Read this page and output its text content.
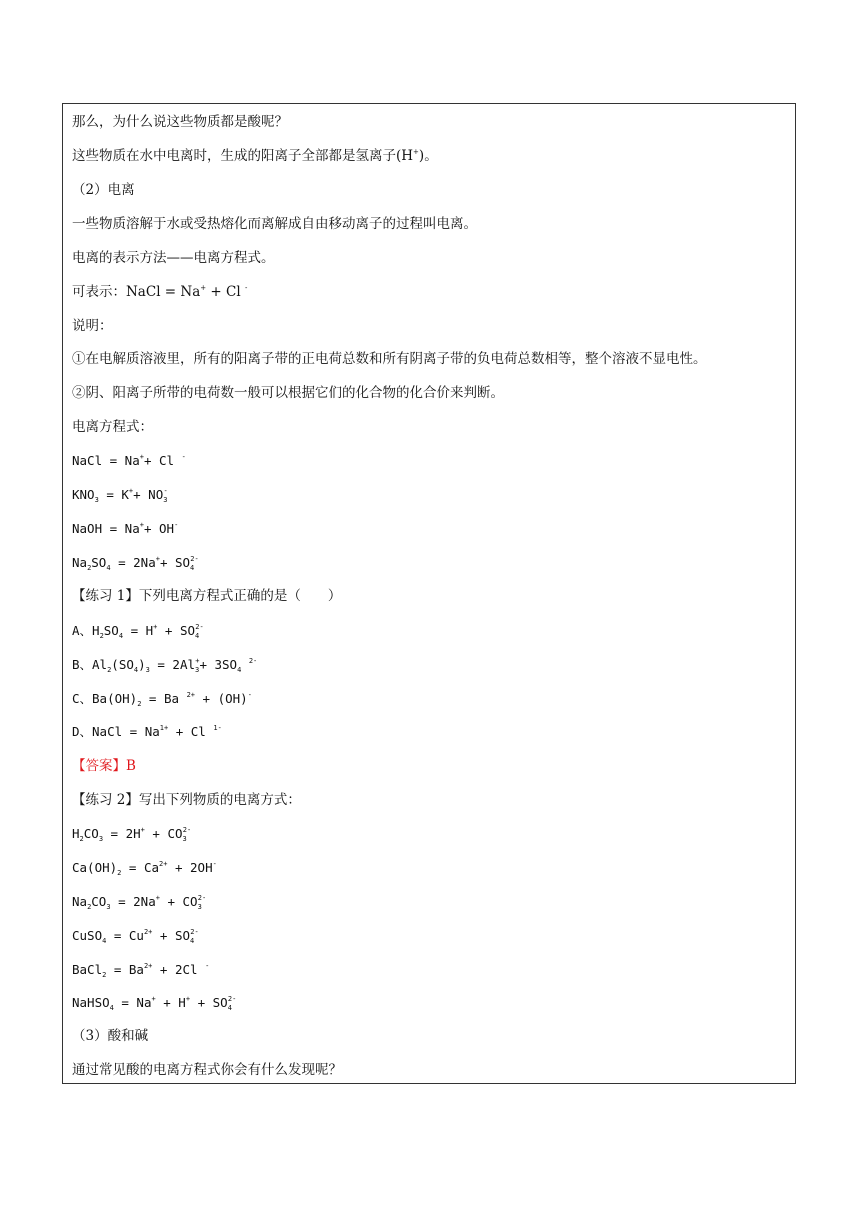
那么，为什么说这些物质都是酸呢？
这些物质在水中电离时，生成的阳离子全部都是氢离子(H+)。
（2）电离
一些物质溶解于水或受热熔化而离解成自由移动离子的过程叫电离。
电离的表示方法——电离方程式。
可表示：NaCl = Na+ + Cl -
说明：
①在电解质溶液里，所有的阳离子带的正电荷总数和所有阴离子带的负电荷总数相等，整个溶液不显电性。
②阴、阳离子所带的电荷数一般可以根据它们的化合物的化合价来判断。
电离方程式：
NaCl = Na++ Cl -
$KNO_3 = K^++ NO_3^-$
NaOH = Na++ OH-
$Na_2SO_4 = 2Na^++ SO_4^{2-}$
【练习 1】下列电离方程式正确的是（　　）
A、$H_2SO_4 = H^+ + SO_4^{2-}$
B、$Al_2(SO_4)_3 = 2Al_3^++ 3SO_4$ $^{2-}$
C、$Ba(OH)_2 = Ba$ $^{2+}$ + (OH)-
D、NaCl = $Na^{1+} + Cl$ $^{1-}$
【答案】B
【练习 2】写出下列物质的电离方式：
$H_2CO_3 = 2H^+ + CO_3^{2-}$
$Ca(OH)_2 = Ca^{2+} + 2OH^-$
$Na_2CO_3 = 2Na^+ + CO_3^{2-}$
CuSO$_4$ = $Cu^{2+} + SO_4^{2-}$
BaCl$_2$ = $Ba^{2+} + 2Cl$ -
NaHSO$_4$ = $Na^+ + H^+ + SO_4^{2-}$
（3）酸和碱
通过常见酸的电离方程式你会有什么发现呢？
